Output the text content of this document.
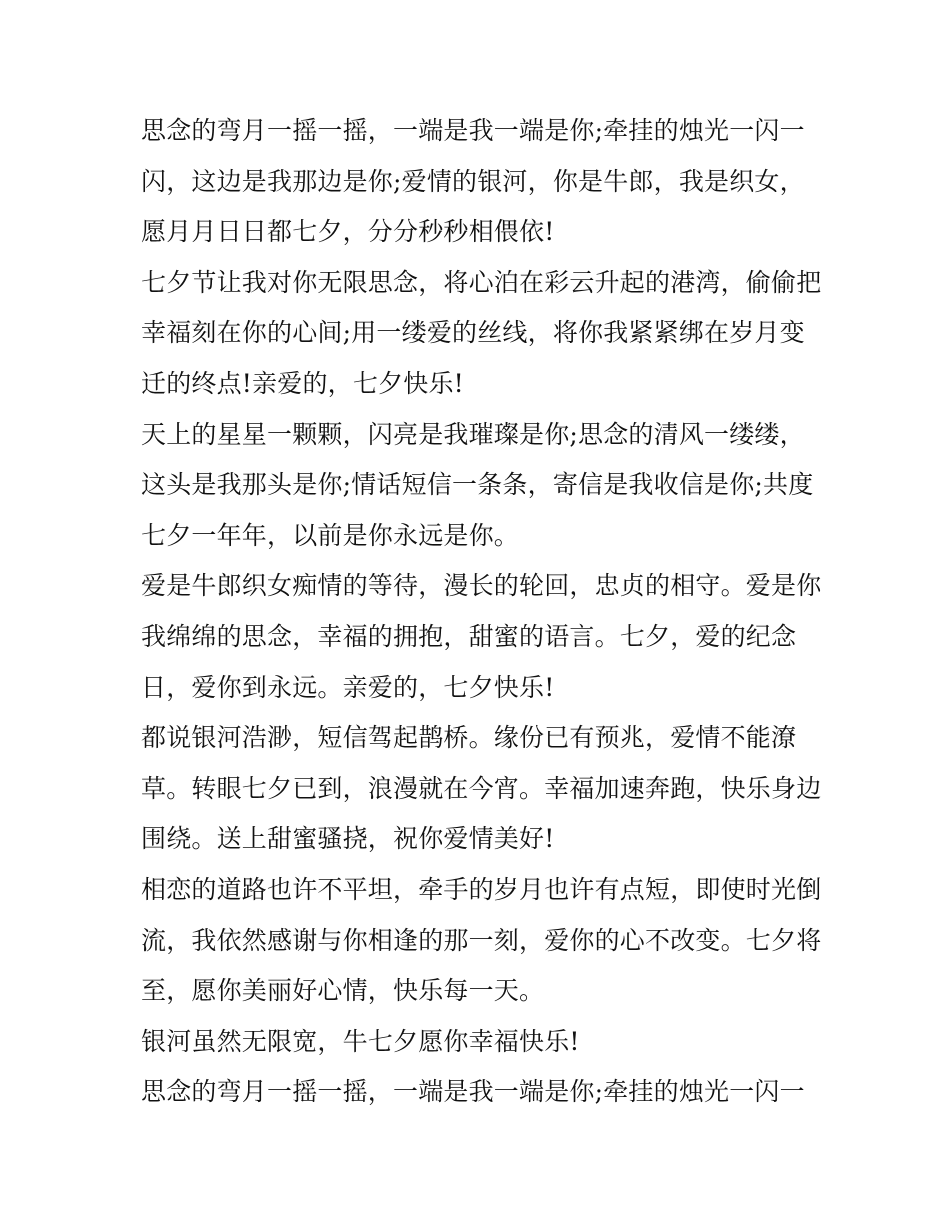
思念的弯月一摇一摇，一端是我一端是你;牵挂的烛光一闪一
闪，这边是我那边是你;爱情的银河，你是牛郎，我是织女，
愿月月日日都七夕，分分秒秒相偎依!
七夕节让我对你无限思念，将心泊在彩云升起的港湾，偷偷把
幸福刻在你的心间;用一缕爱的丝线，将你我紧紧绑在岁月变
迁的终点!亲爱的，七夕快乐!
天上的星星一颗颗，闪亮是我璀璨是你;思念的清风一缕缕，
这头是我那头是你;情话短信一条条，寄信是我收信是你;共度
七夕一年年，以前是你永远是你。
爱是牛郎织女痴情的等待，漫长的轮回，忠贞的相守。爱是你
我绵绵的思念，幸福的拥抱，甜蜜的语言。七夕，爱的纪念
日，爱你到永远。亲爱的，七夕快乐!
都说银河浩渺，短信驾起鹊桥。缘份已有预兆，爱情不能潦
草。转眼七夕已到，浪漫就在今宵。幸福加速奔跑，快乐身边
围绕。送上甜蜜骚挠，祝你爱情美好!
相恋的道路也许不平坦，牵手的岁月也许有点短，即使时光倒
流，我依然感谢与你相逢的那一刻，爱你的心不改变。七夕将
至，愿你美丽好心情，快乐每一天。
银河虽然无限宽，牛七夕愿你幸福快乐!
思念的弯月一摇一摇，一端是我一端是你;牵挂的烛光一闪一
